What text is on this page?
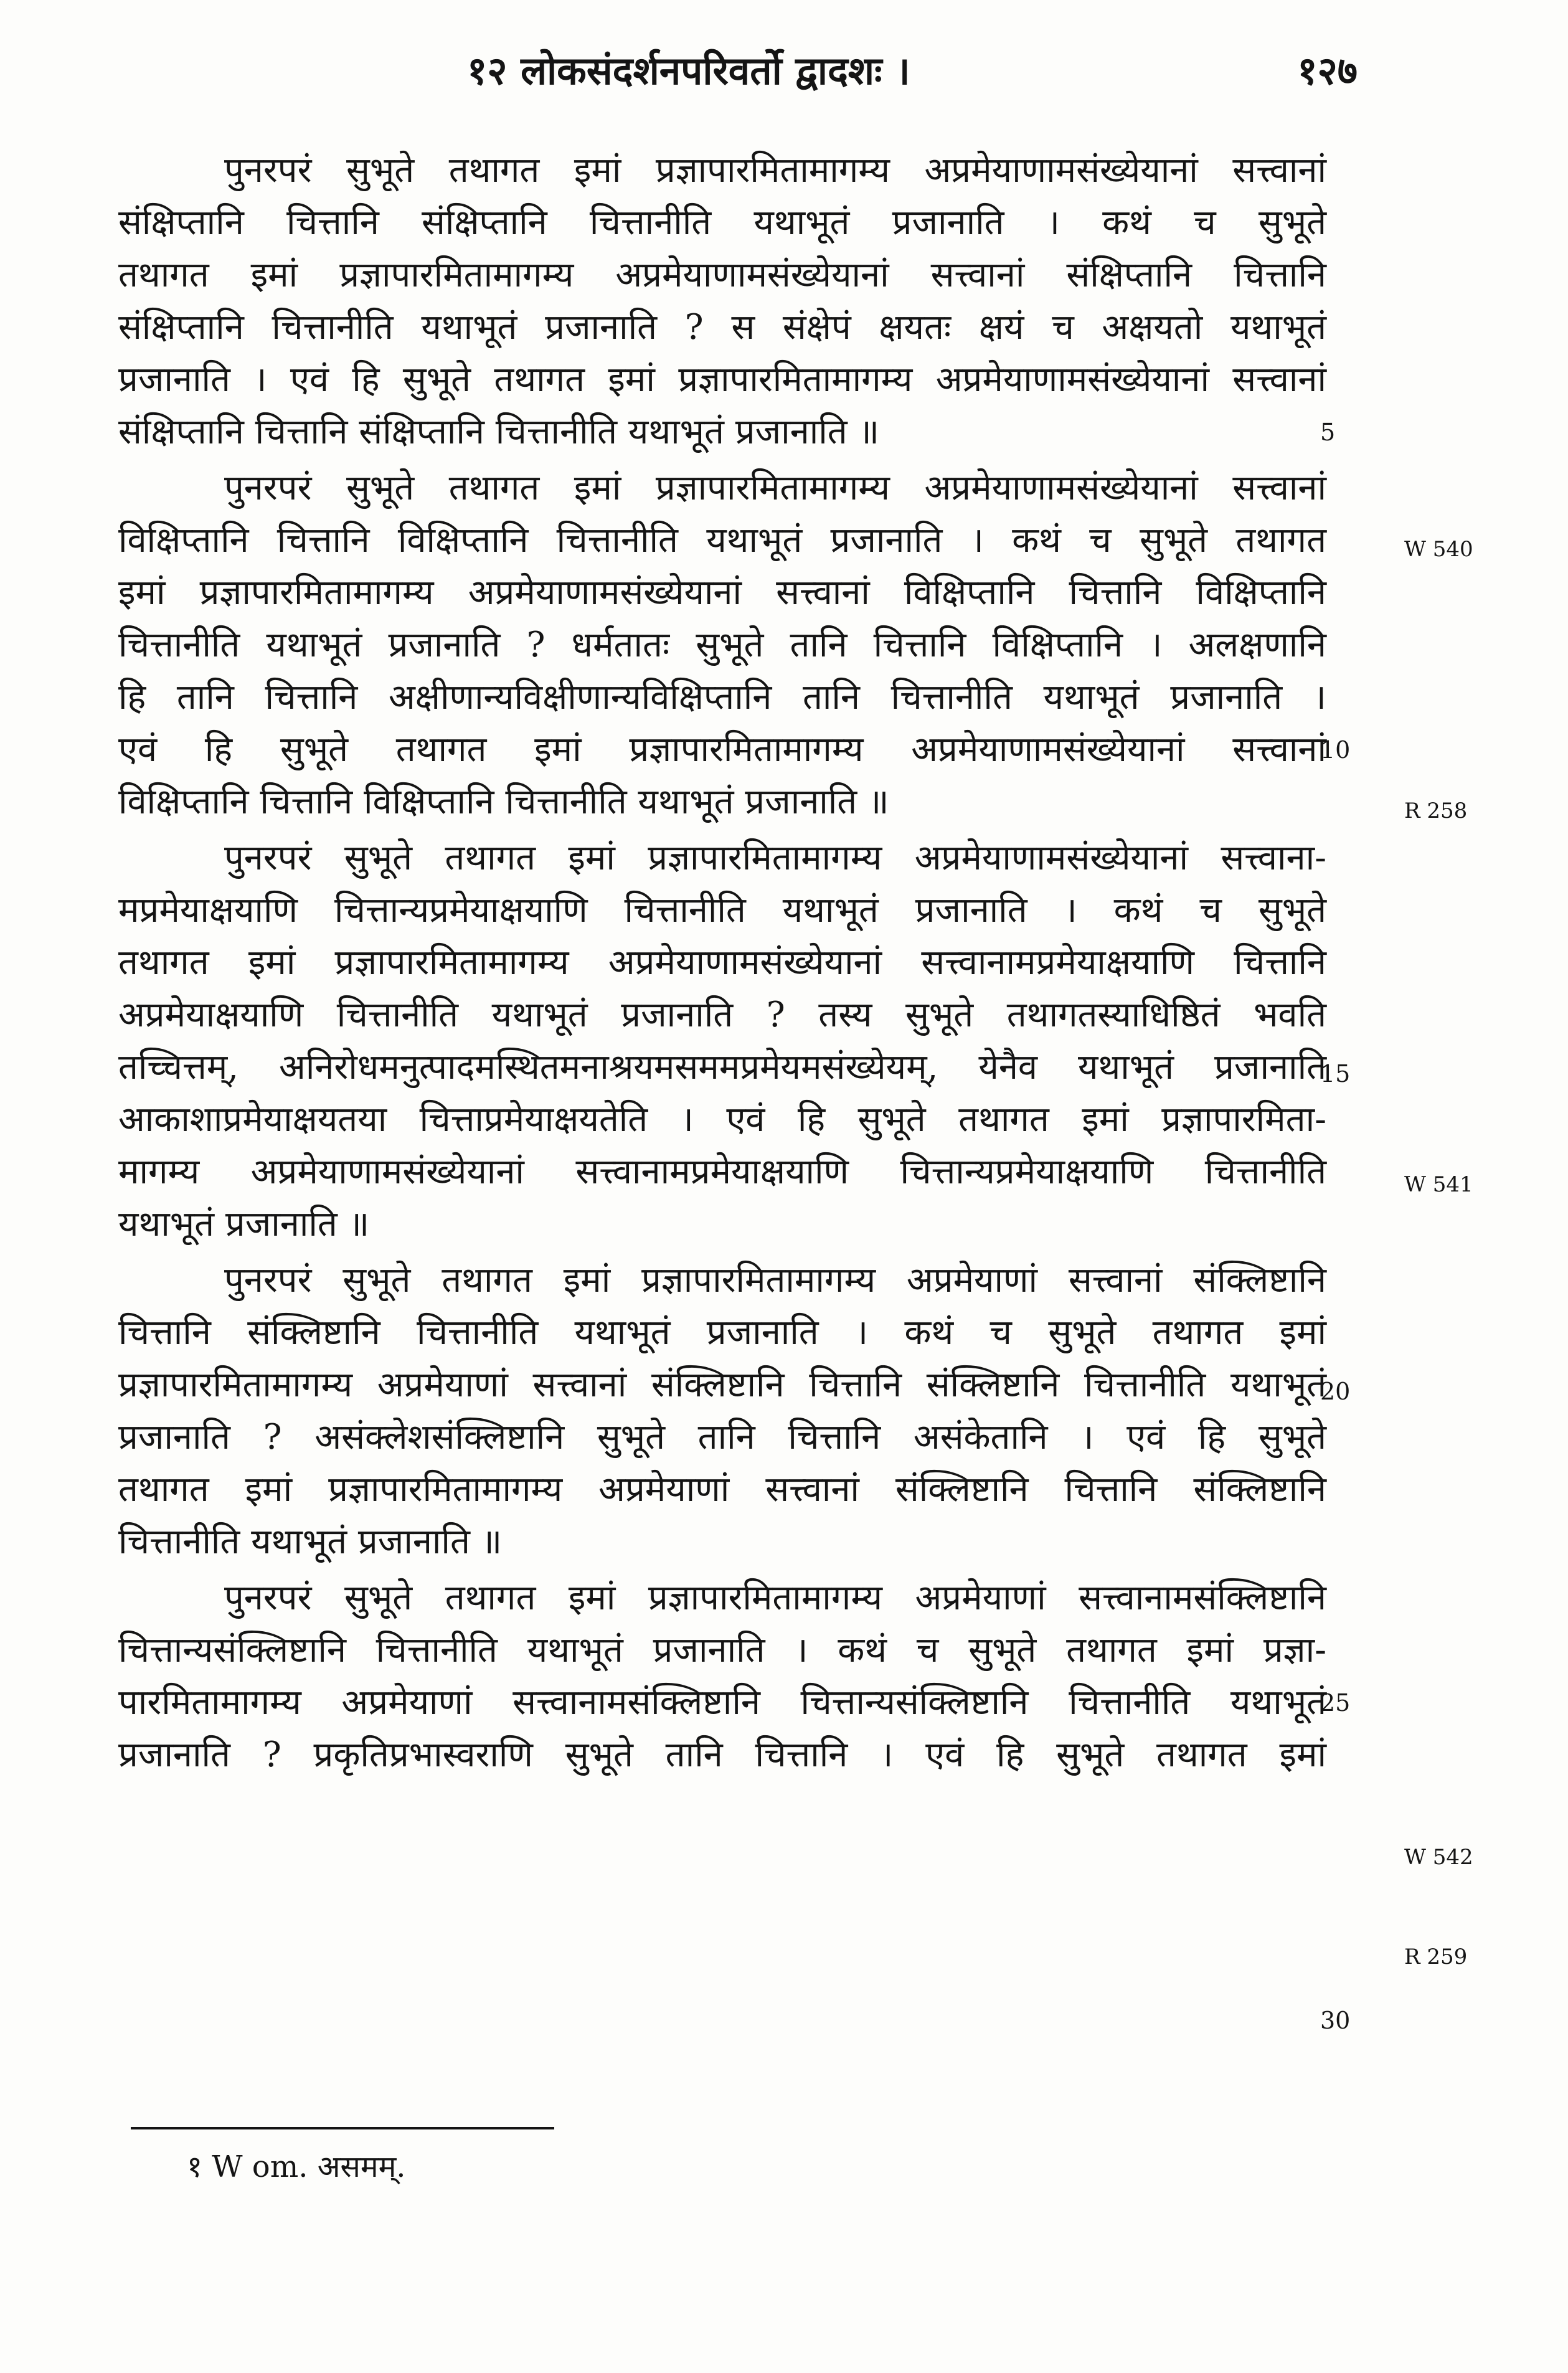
१२ लोकसंदर्शनपरिवर्तो द्वादशः ।	१२७
पुनरपरं सुभूते तथागत इमां प्रज्ञापारमितामागम्य अप्रमेयाणामसंख्येयानां सत्त्वानां
संक्षिप्तानि चित्तानि संक्षिप्तानि चित्तानीति यथाभूतं प्रजानाति । कथं च सुभूते
तथागत इमां प्रज्ञापारमितामागम्य अप्रमेयाणामसंख्येयानां सत्त्वानां संक्षिप्तानि चित्तानि
संक्षिप्तानि चित्तानीति यथाभूतं प्रजानाति ? स संक्षेपं क्षयतः क्षयं च अक्षयतो यथाभूतं
प्रजानाति । एवं हि सुभूते तथागत इमां प्रज्ञापारमितामागम्य अप्रमेयाणामसंख्येयानां सत्त्वानां
संक्षिप्तानि चित्तानि संक्षिप्तानि चित्तानीति यथाभूतं प्रजानाति ॥
पुनरपरं सुभूते तथागत इमां प्रज्ञापारमितामागम्य अप्रमेयाणामसंख्येयानां सत्त्वानां
विक्षिप्तानि चित्तानि विक्षिप्तानि चित्तानीति यथाभूतं प्रजानाति । कथं च सुभूते तथागत
इमां प्रज्ञापारमितामागम्य अप्रमेयाणामसंख्येयानां सत्त्वानां विक्षिप्तानि चित्तानि विक्षिप्तानि
चित्तानीति यथाभूतं प्रजानाति ? धर्मतातः सुभूते तानि चित्तानि विक्षिप्तानि । अलक्षणानि
हि तानि चित्तानि अक्षीणान्यविक्षीणान्यविक्षिप्तानि तानि चित्तानीति यथाभूतं प्रजानाति ।
एवं हि सुभूते तथागत इमां प्रज्ञापारमितामागम्य अप्रमेयाणामसंख्येयानां सत्त्वानां
विक्षिप्तानि चित्तानि विक्षिप्तानि चित्तानीति यथाभूतं प्रजानाति ॥
पुनरपरं सुभूते तथागत इमां प्रज्ञापारमितामागम्य अप्रमेयाणामसंख्येयानां सत्त्वाना-
मप्रमेयाक्षयाणि चित्तान्यप्रमेयाक्षयाणि चित्तानीति यथाभूतं प्रजानाति । कथं च सुभूते
तथागत इमां प्रज्ञापारमितामागम्य अप्रमेयाणामसंख्येयानां सत्त्वानामप्रमेयाक्षयाणि चित्तानि
अप्रमेयाक्षयाणि चित्तानीति यथाभूतं प्रजानाति ? तस्य सुभूते तथागतस्याधिष्ठितं भवति
तच्चित्तम्, अनिरोधमनुत्पादमस्थितमनाश्रयमसममप्रमेयमसंख्येयम्, येनैव यथाभूतं प्रजानाति
आकाशाप्रमेयाक्षयतया चित्ताप्रमेयाक्षयतेति । एवं हि सुभूते तथागत इमां प्रज्ञापारमिता-
मागम्य अप्रमेयाणामसंख्येयानां सत्त्वानामप्रमेयाक्षयाणि चित्तान्यप्रमेयाक्षयाणि चित्तानीति
यथाभूतं प्रजानाति ॥
पुनरपरं सुभूते तथागत इमां प्रज्ञापारमितामागम्य अप्रमेयाणां सत्त्वानां संक्लिष्टानि
चित्तानि संक्लिष्टानि चित्तानीति यथाभूतं प्रजानाति । कथं च सुभूते तथागत इमां
प्रज्ञापारमितामागम्य अप्रमेयाणां सत्त्वानां संक्लिष्टानि चित्तानि संक्लिष्टानि चित्तानीति यथाभूतं
प्रजानाति ? असंक्लेशसंक्लिष्टानि सुभूते तानि चित्तानि असंकेतानि । एवं हि सुभूते
तथागत इमां प्रज्ञापारमितामागम्य अप्रमेयाणां सत्त्वानां संक्लिष्टानि चित्तानि संक्लिष्टानि
चित्तानीति यथाभूतं प्रजानाति ॥
पुनरपरं सुभूते तथागत इमां प्रज्ञापारमितामागम्य अप्रमेयाणां सत्त्वानामसंक्लिष्टानि
चित्तान्यसंक्लिष्टानि चित्तानीति यथाभूतं प्रजानाति । कथं च सुभूते तथागत इमां प्रज्ञा-
पारमितामागम्य अप्रमेयाणां सत्त्वानामसंक्लिष्टानि चित्तान्यसंक्लिष्टानि चित्तानीति यथाभूतं
प्रजानाति ? प्रकृतिप्रभास्वराणि सुभूते तानि चित्तानि । एवं हि सुभूते तथागत इमां
5
10
15
20
25
30
W 540
R 258
W 541
W 542
R 259
१ W om. असमम्.
